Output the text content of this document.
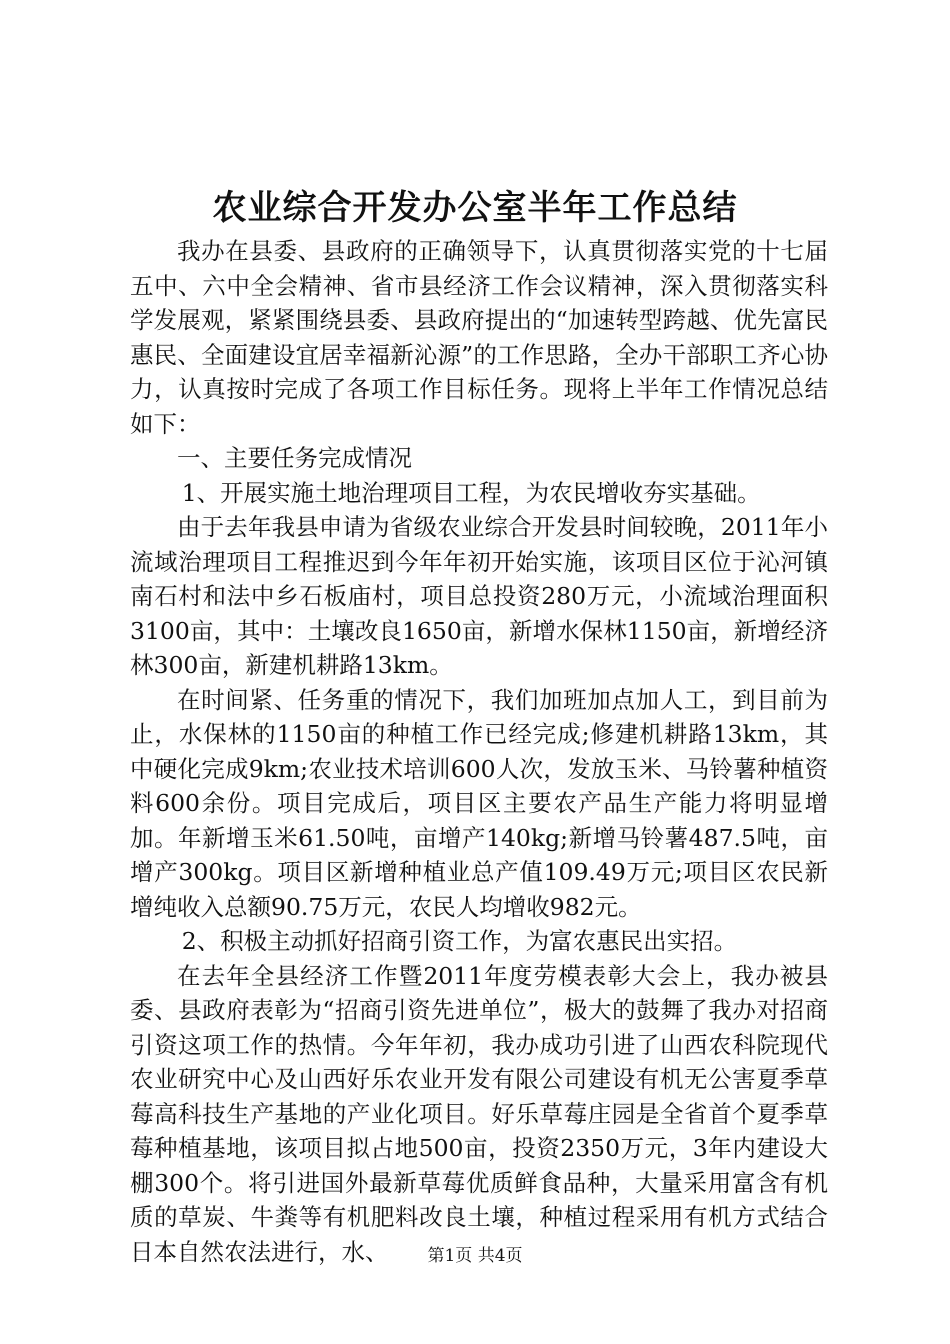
农业综合开发办公室半年工作总结

我办在县委、县政府的正确领导下，认真贯彻落实党的十七届五中、六中全会精神、省市县经济工作会议精神，深入贯彻落实科学发展观，紧紧围绕县委、县政府提出的“加速转型跨越、优先富民惠民、全面建设宜居幸福新沁源”的工作思路，全办干部职工齐心协力，认真按时完成了各项工作目标任务。现将上半年工作情况总结如下：

一、主要任务完成情况

1、开展实施土地治理项目工程，为农民增收夯实基础。

由于去年我县申请为省级农业综合开发县时间较晚，2011年小流域治理项目工程推迟到今年年初开始实施，该项目区位于沁河镇南石村和法中乡石板庙村，项目总投资280万元，小流域治理面积3100亩，其中：土壤改良1650亩，新增水保林1150亩，新增经济林300亩，新建机耕路13km。

在时间紧、任务重的情况下，我们加班加点加人工，到目前为止，水保林的1150亩的种植工作已经完成;修建机耕路13km，其中硬化完成9km;农业技术培训600人次，发放玉米、马铃薯种植资料600余份。项目完成后，项目区主要农产品生产能力将明显增加。年新增玉米61.50吨，亩增产140kg;新增马铃薯487.5吨，亩增产300kg。项目区新增种植业总产值109.49万元;项目区农民新增纯收入总额90.75万元，农民人均增收982元。

2、积极主动抓好招商引资工作，为富农惠民出实招。

在去年全县经济工作暨2011年度劳模表彰大会上，我办被县委、县政府表彰为“招商引资先进单位”，极大的鼓舞了我办对招商引资这项工作的热情。今年年初，我办成功引进了山西农科院现代农业研究中心及山西好乐农业开发有限公司建设有机无公害夏季草莓高科技生产基地的产业化项目。好乐草莓庄园是全省首个夏季草莓种植基地，该项目拟占地500亩，投资2350万元，3年内建设大棚300个。将引进国外最新草莓优质鲜食品种，大量采用富含有机质的草炭、牛粪等有机肥料改良土壤，种植过程采用有机方式结合日本自然农法进行，水、	第1页 共4页
